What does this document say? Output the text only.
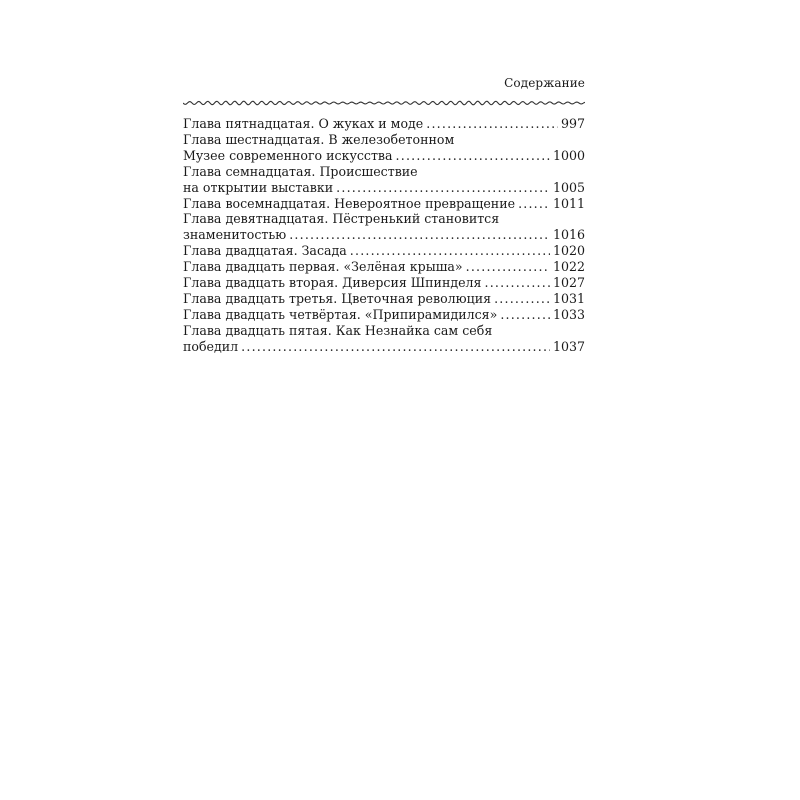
Содержание
Глава пятнадцатая. О жуках и моде .....	997
Глава шестнадцатая. В железобетонном
Музее современного искусства .....	1000
Глава семнадцатая. Происшествие
на открытии выставки .....	1005
Глава восемнадцатая. Невероятное превращение .....	1011
Глава девятнадцатая. Пёстренький становится
знаменитостью .....	1016
Глава двадцатая. Засада .....	1020
Глава двадцать первая. «Зелёная крыша» .....	1022
Глава двадцать вторая. Диверсия Шпинделя .....	1027
Глава двадцать третья. Цветочная революция .....	1031
Глава двадцать четвёртая. «Припирамидился» .....	1033
Глава двадцать пятая. Как Незнайка сам себя
победил .....	1037
